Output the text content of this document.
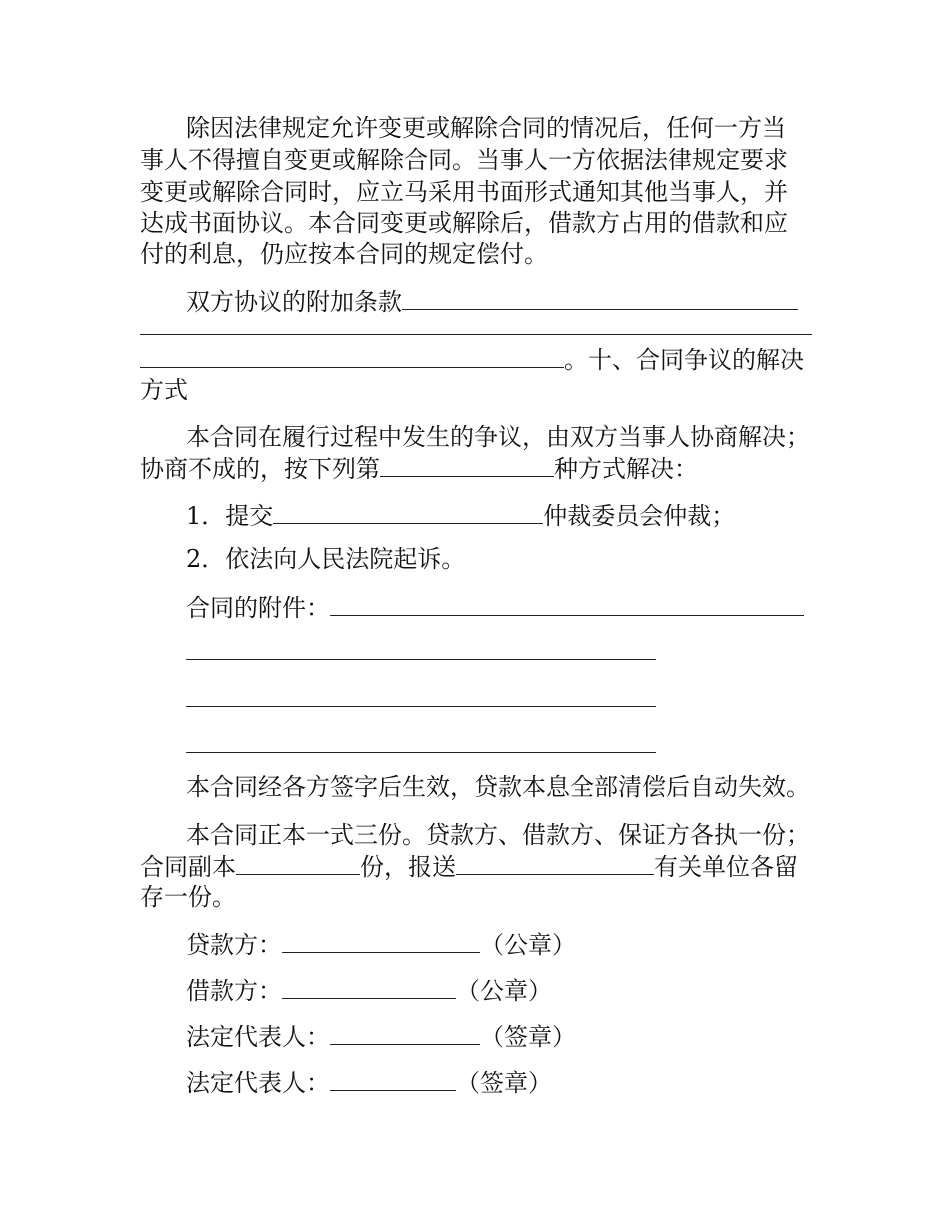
除因法律规定允许变更或解除合同的情况后，任何一方当
事人不得擅自变更或解除合同。当事人一方依据法律规定要求
变更或解除合同时，应立马采用书面形式通知其他当事人，并
达成书面协议。本合同变更或解除后，借款方占用的借款和应
付的利息，仍应按本合同的规定偿付。
双方协议的附加条款
。十、合同争议的解决
方式
本合同在履行过程中发生的争议，由双方当事人协商解决；
协商不成的，按下列第	种方式解决：
1．提交	仲裁委员会仲裁；
2．依法向人民法院起诉。
合同的附件：
本合同经各方签字后生效，贷款本息全部清偿后自动失效。
本合同正本一式三份。贷款方、借款方、保证方各执一份；
合同副本	份，报送	有关单位各留
存一份。
贷款方：	（公章）
借款方：	（公章）
法定代表人：	（签章）
法定代表人：	（签章）
